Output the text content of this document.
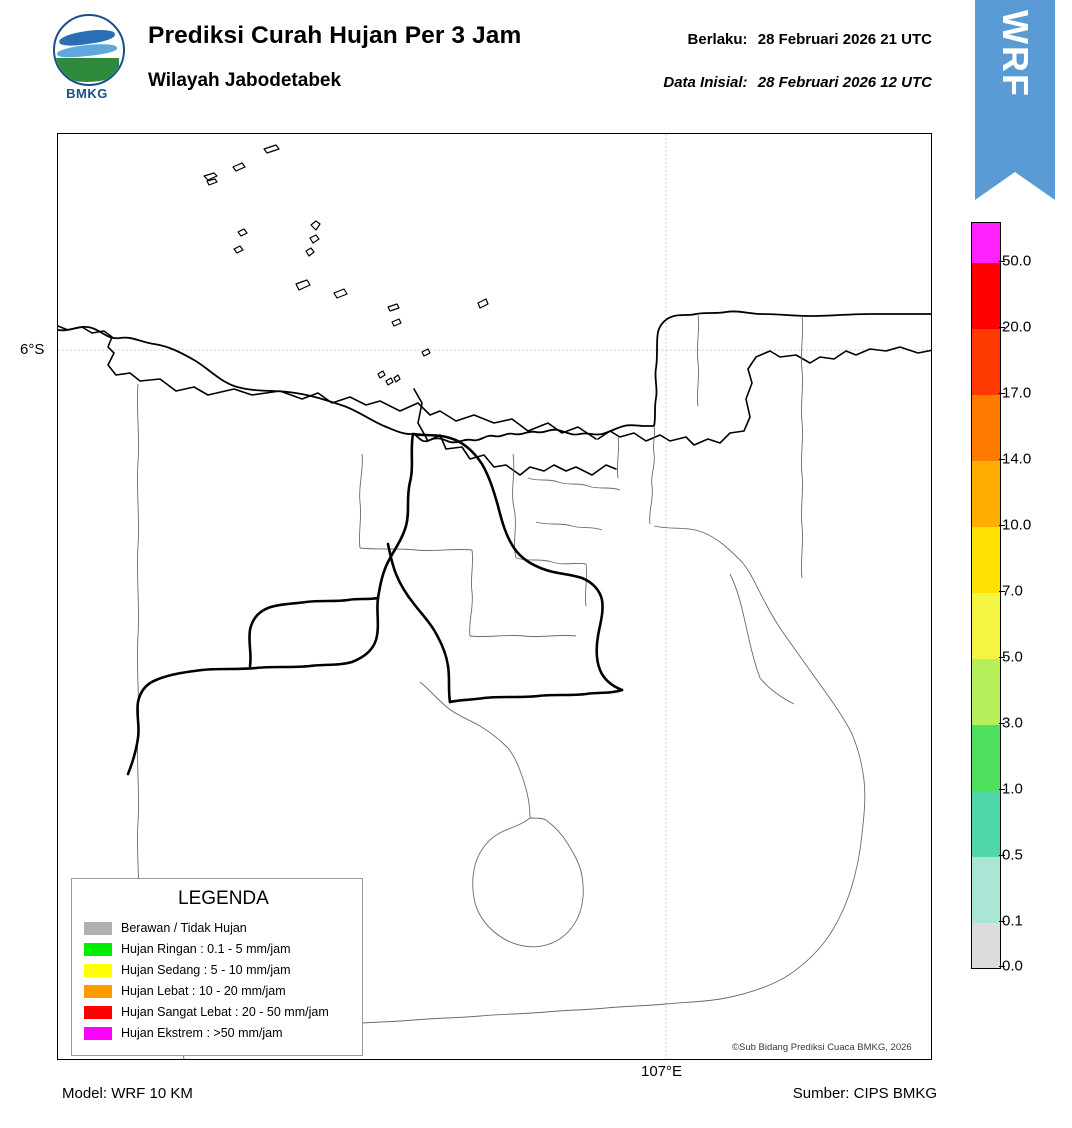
BMKG
Prediksi Curah Hujan Per 3 Jam
Wilayah Jabodetabek
Berlaku: 28 Februari 2026 21 UTC
Data Inisial: 28 Februari 2026 12 UTC WRF
LEGENDA
Berawan / Tidak Hujan
Hujan Ringan : 0.1 - 5 mm/jam
Hujan Sedang : 5 - 10 mm/jam
Hujan Lebat : 10 - 20 mm/jam
Hujan Sangat Lebat : 20 - 50 mm/jam
Hujan Ekstrem : >50 mm/jam
©Sub Bidang Prediksi Cuaca BMKG, 2026
6°S
107°E
50.0
20.0
17.0
14.0
10.0
7.0
5.0
3.0
1.0
0.5
0.1
0.0
Model: WRF 10 KM	Sumber: CIPS BMKG
